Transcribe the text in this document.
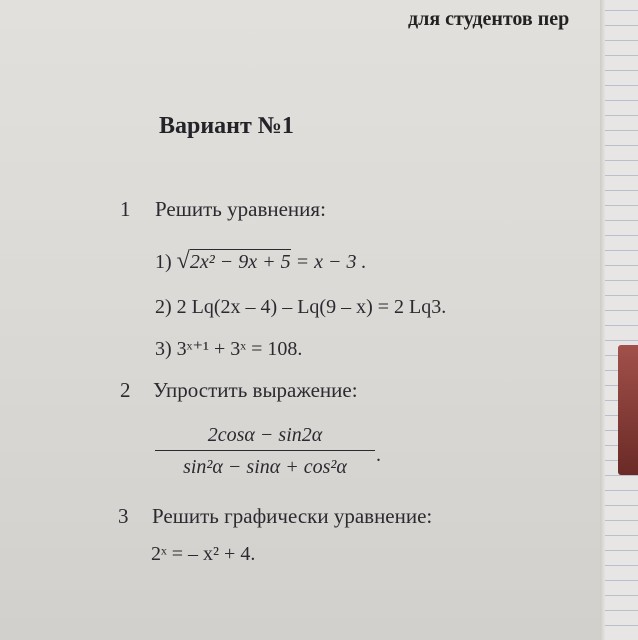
для студентов пер
Вариант №1
1 Решить уравнения:
1) √2x² − 9x + 5 = x − 3 .
2) 2 Lq(2x – 4) – Lq(9 – x) = 2 Lq3.
3) 3ˣ⁺¹ + 3ˣ = 108.
2 Упростить выражение:
2cosα − sin2α
sin²α − sinα + cos²α
.
3 Решить графически уравнение:
2ˣ = – x² + 4.
